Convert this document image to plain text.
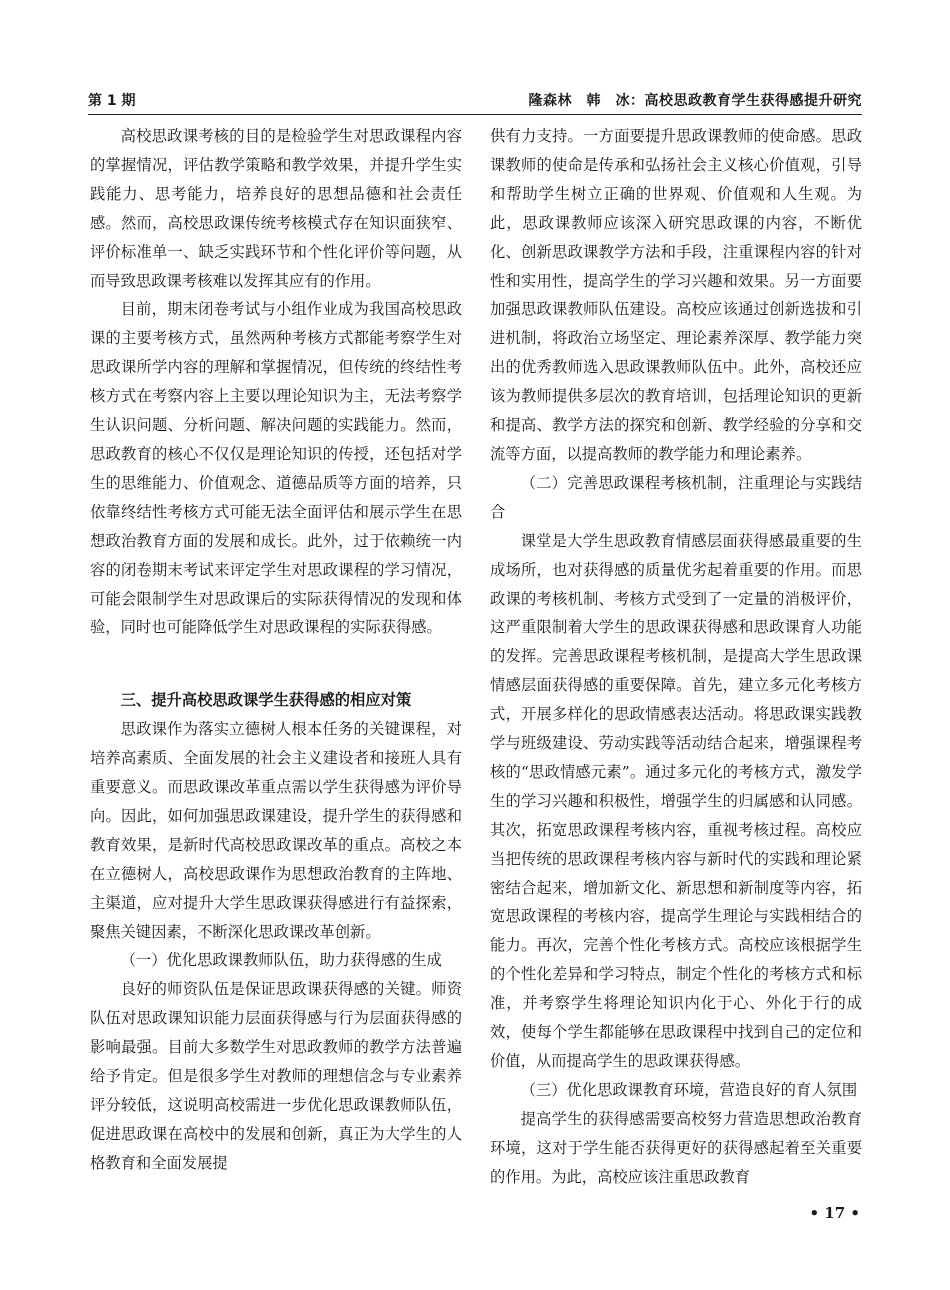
第 1 期	隆森林　韩　冰：高校思政教育学生获得感提升研究

高校思政课考核的目的是检验学生对思政课程内容的掌握情况，评估教学策略和教学效果，并提升学生实践能力、思考能力，培养良好的思想品德和社会责任感。然而，高校思政课传统考核模式存在知识面狭窄、评价标准单一、缺乏实践环节和个性化评价等问题，从而导致思政课考核难以发挥其应有的作用。

目前，期末闭卷考试与小组作业成为我国高校思政课的主要考核方式，虽然两种考核方式都能考察学生对思政课所学内容的理解和掌握情况，但传统的终结性考核方式在考察内容上主要以理论知识为主，无法考察学生认识问题、分析问题、解决问题的实践能力。然而，思政教育的核心不仅仅是理论知识的传授，还包括对学生的思维能力、价值观念、道德品质等方面的培养，只依靠终结性考核方式可能无法全面评估和展示学生在思想政治教育方面的发展和成长。此外，过于依赖统一内容的闭卷期末考试来评定学生对思政课程的学习情况，可能会限制学生对思政课后的实际获得情况的发现和体验，同时也可能降低学生对思政课程的实际获得感。

三、提升高校思政课学生获得感的相应对策

思政课作为落实立德树人根本任务的关键课程，对培养高素质、全面发展的社会主义建设者和接班人具有重要意义。而思政课改革重点需以学生获得感为评价导向。因此，如何加强思政课建设，提升学生的获得感和教育效果，是新时代高校思政课改革的重点。高校之本在立德树人，高校思政课作为思想政治教育的主阵地、主渠道，应对提升大学生思政课获得感进行有益探索，聚焦关键因素，不断深化思政课改革创新。

（一）优化思政课教师队伍，助力获得感的生成

良好的师资队伍是保证思政课获得感的关键。师资队伍对思政课知识能力层面获得感与行为层面获得感的影响最强。目前大多数学生对思政教师的教学方法普遍给予肯定。但是很多学生对教师的理想信念与专业素养评分较低，这说明高校需进一步优化思政课教师队伍，促进思政课在高校中的发展和创新，真正为大学生的人格教育和全面发展提

供有力支持。一方面要提升思政课教师的使命感。思政课教师的使命是传承和弘扬社会主义核心价值观，引导和帮助学生树立正确的世界观、价值观和人生观。为此，思政课教师应该深入研究思政课的内容，不断优化、创新思政课教学方法和手段，注重课程内容的针对性和实用性，提高学生的学习兴趣和效果。另一方面要加强思政课教师队伍建设。高校应该通过创新选拔和引进机制，将政治立场坚定、理论素养深厚、教学能力突出的优秀教师选入思政课教师队伍中。此外，高校还应该为教师提供多层次的教育培训，包括理论知识的更新和提高、教学方法的探究和创新、教学经验的分享和交流等方面，以提高教师的教学能力和理论素养。

（二）完善思政课程考核机制，注重理论与实践结合

课堂是大学生思政教育情感层面获得感最重要的生成场所，也对获得感的质量优劣起着重要的作用。而思政课的考核机制、考核方式受到了一定量的消极评价，这严重限制着大学生的思政课获得感和思政课育人功能的发挥。完善思政课程考核机制，是提高大学生思政课情感层面获得感的重要保障。首先，建立多元化考核方式，开展多样化的思政情感表达活动。将思政课实践教学与班级建设、劳动实践等活动结合起来，增强课程考核的“思政情感元素”。通过多元化的考核方式，激发学生的学习兴趣和积极性，增强学生的归属感和认同感。其次，拓宽思政课程考核内容，重视考核过程。高校应当把传统的思政课程考核内容与新时代的实践和理论紧密结合起来，增加新文化、新思想和新制度等内容，拓宽思政课程的考核内容，提高学生理论与实践相结合的能力。再次，完善个性化考核方式。高校应该根据学生的个性化差异和学习特点，制定个性化的考核方式和标准，并考察学生将理论知识内化于心、外化于行的成效，使每个学生都能够在思政课程中找到自己的定位和价值，从而提高学生的思政课获得感。

（三）优化思政课教育环境，营造良好的育人氛围

提高学生的获得感需要高校努力营造思想政治教育环境，这对于学生能否获得更好的获得感起着至关重要的作用。为此，高校应该注重思政教育

• 17 •
